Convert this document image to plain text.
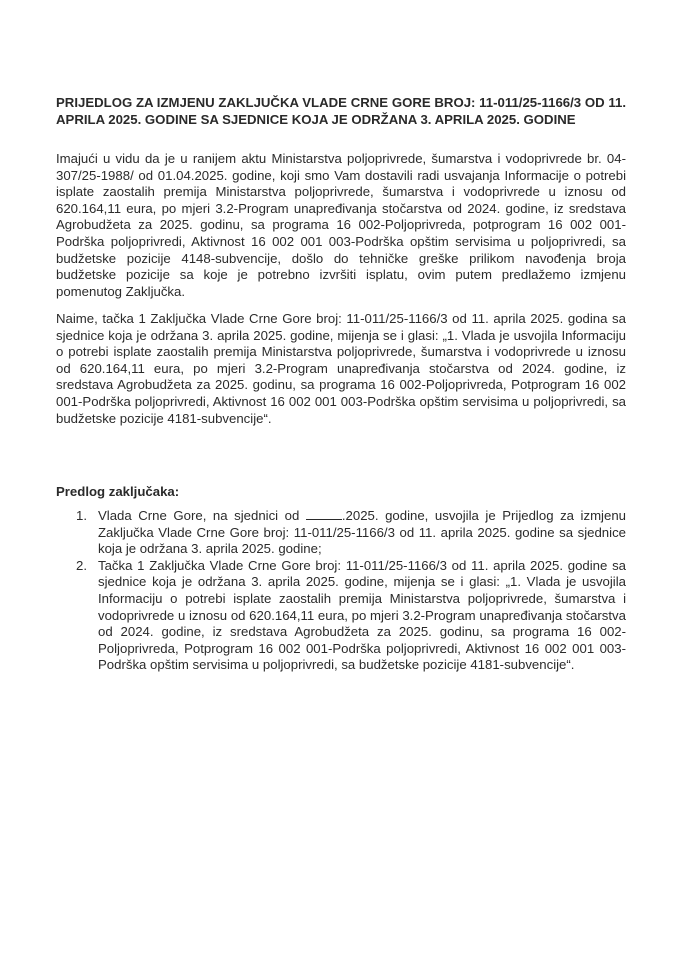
PRIJEDLOG ZA IZMJENU ZAKLJUČKA VLADE CRNE GORE BROJ: 11-011/25-1166/3 OD 11. APRILA 2025. GODINE SA SJEDNICE KOJA JE ODRŽANA 3. APRILA 2025. GODINE

Imajući u vidu da je u ranijem aktu Ministarstva poljoprivrede, šumarstva i vodoprivrede br. 04-307/25-1988/ od 01.04.2025. godine, koji smo Vam dostavili radi usvajanja Informacije o potrebi isplate zaostalih premija Ministarstva poljoprivrede, šumarstva i vodoprivrede u iznosu od 620.164,11 eura, po mjeri 3.2-Program unapređivanja stočarstva od 2024. godine, iz sredstava Agrobudžeta za 2025. godinu, sa programa 16 002-Poljoprivreda, potprogram 16 002 001-Podrška poljoprivredi, Aktivnost 16 002 001 003-Podrška opštim servisima u poljoprivredi, sa budžetske pozicije 4148-subvencije, došlo do tehničke greške prilikom navođenja broja budžetske pozicije sa koje je potrebno izvršiti isplatu, ovim putem predlažemo izmjenu pomenutog Zaključka.

Naime, tačka 1 Zaključka Vlade Crne Gore broj: 11-011/25-1166/3 od 11. aprila 2025. godina sa sjednice koja je održana 3. aprila 2025. godine, mijenja se i glasi: „1. Vlada je usvojila Informaciju o potrebi isplate zaostalih premija Ministarstva poljoprivrede, šumarstva i vodoprivrede u iznosu od 620.164,11 eura, po mjeri 3.2-Program unapređivanja stočarstva od 2024. godine, iz sredstava Agrobudžeta za 2025. godinu, sa programa 16 002-Poljoprivreda, Potprogram 16 002 001-Podrška poljoprivredi, Aktivnost 16 002 001 003-Podrška opštim servisima u poljoprivredi, sa budžetske pozicije 4181-subvencije“.

Predlog zaključaka:
1. Vlada Crne Gore, na sjednici od	.2025. godine, usvojila je Prijedlog za izmjenu Zaključka Vlade Crne Gore broj: 11-011/25-1166/3 od 11. aprila 2025. godine sa sjednice koja je održana 3. aprila 2025. godine;
2. Tačka 1 Zaključka Vlade Crne Gore broj: 11-011/25-1166/3 od 11. aprila 2025. godine sa sjednice koja je održana 3. aprila 2025. godine, mijenja se i glasi: „1. Vlada je usvojila Informaciju o potrebi isplate zaostalih premija Ministarstva poljoprivrede, šumarstva i vodoprivrede u iznosu od 620.164,11 eura, po mjeri 3.2-Program unapređivanja stočarstva od 2024. godine, iz sredstava Agrobudžeta za 2025. godinu, sa programa 16 002-Poljoprivreda, Potprogram 16 002 001-Podrška poljoprivredi, Aktivnost 16 002 001 003-Podrška opštim servisima u poljoprivredi, sa budžetske pozicije 4181-subvencije“.
